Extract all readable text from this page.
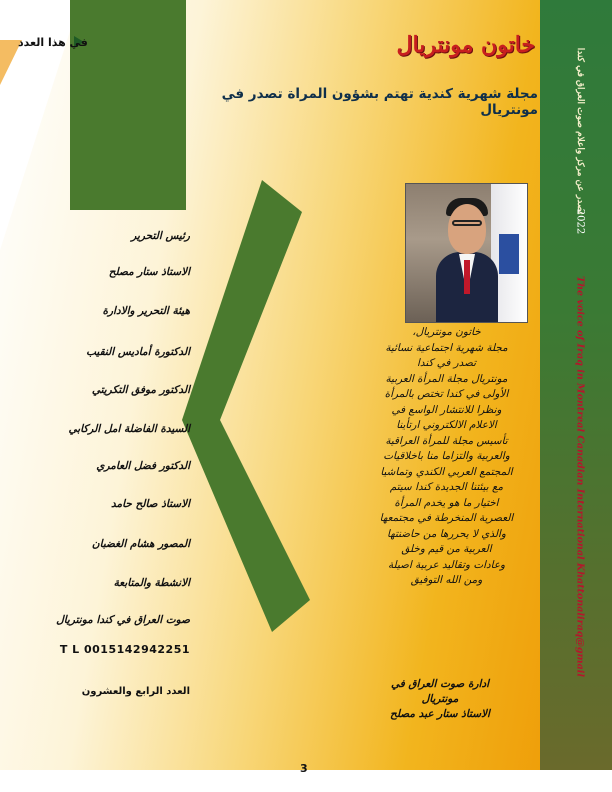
في هذا العدد	خاتون مونتريال
مجلة شهرية كندية تهتم بشؤون المراة تصدر في مونتريال	تصدر عن مركز واعلام صوت العراق في كندا
2022
The voice of Iraq in Montreal Canadian International Khattonaliraq@gmail
خاتون مونتريال،
مجلة شهرية اجتماعية نسائية
تصدر في كندا
مونتريال مجلة المرأة العربية
الأولى في كندا تختص بالمرأة
ونظرا للانتشار الواسع في
الاعلام الالكتروني ارتأينا
تأسيس مجلة للمرأة العراقية
والعربية والتزاما منا باخلاقيات
المجتمع العربي الكندي وتماشيا
مع بيئتنا الجديدة كندا سيتم
اختيار ما هو يخدم المرأة
العصرية المنخرطة في مجتمعها
والذي لا يحررها من حاضنتها
العربية من قيم وخلق
وعادات وتقاليد عربية اصيلة
ومن الله التوفيق
ادارة صوت العراق في
مونتريال
الاستاذ ستار عبد مصلح
رئيس التحرير
الاستاذ ستار مصلح
هيئة التحرير والادارة
الدكتورة أماديس النقيب
الدكتور موفق التكريتي
السيدة الفاضلة امل الركابي
الدكتور فضل العامري
الاستاذ صالح حامد
المصور هشام الغضبان
الانشطة والمتابعة
صوت العراق في كندا مونتريال
T L 0015142942251
العدد الرابع والعشرون
3
